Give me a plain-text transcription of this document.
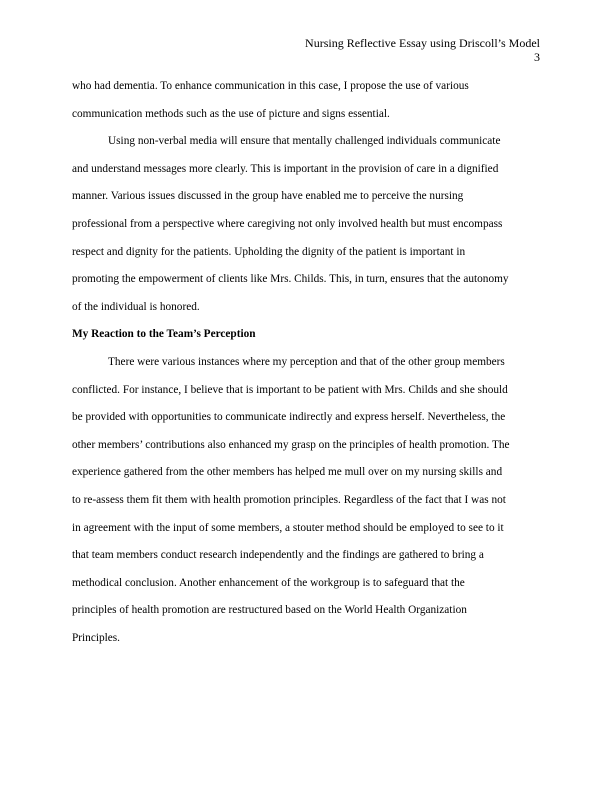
Nursing Reflective Essay using Driscoll’s Model
3

who had dementia. To enhance communication in this case, I propose the use of various

communication methods such as the use of picture and signs essential.

Using non-verbal media will ensure that mentally challenged individuals communicate

and understand messages more clearly. This is important in the provision of care in a dignified

manner. Various issues discussed in the group have enabled me to perceive the nursing

professional from a perspective where caregiving not only involved health but must encompass

respect and dignity for the patients. Upholding the dignity of the patient is important in

promoting the empowerment of clients like Mrs. Childs. This, in turn, ensures that the autonomy

of the individual is honored.

My Reaction to the Team’s Perception

There were various instances where my perception and that of the other group members

conflicted. For instance, I believe that is important to be patient with Mrs. Childs and she should

be provided with opportunities to communicate indirectly and express herself. Nevertheless, the

other members’ contributions also enhanced my grasp on the principles of health promotion. The

experience gathered from the other members has helped me mull over on my nursing skills and

to re-assess them fit them with health promotion principles. Regardless of the fact that I was not

in agreement with the input of some members, a stouter method should be employed to see to it

that team members conduct research independently and the findings are gathered to bring a

methodical conclusion. Another enhancement of the workgroup is to safeguard that the

principles of health promotion are restructured based on the World Health Organization

Principles.
